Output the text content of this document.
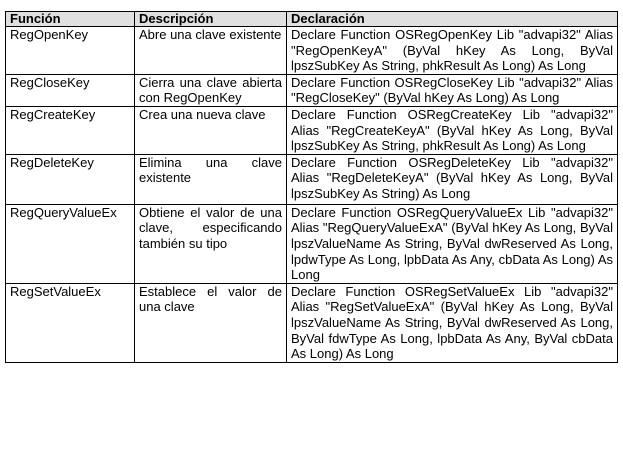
Función	Descripción	Declaración
RegOpenKey	Abre una clave existente	Declare Function OSRegOpenKey Lib "advapi32" Alias "RegOpenKeyA" (ByVal hKey As Long, ByVal lpszSubKey As String, phkResult As Long) As Long
RegCloseKey	Cierra una clave abierta con RegOpenKey	Declare Function OSRegCloseKey Lib "advapi32" Alias "RegCloseKey" (ByVal hKey As Long) As Long
RegCreateKey	Crea una nueva clave	Declare Function OSRegCreateKey Lib "advapi32" Alias "RegCreateKeyA" (ByVal hKey As Long, ByVal lpszSubKey As String, phkResult As Long) As Long
RegDeleteKey	Elimina una clave existente	Declare Function OSRegDeleteKey Lib "advapi32" Alias "RegDeleteKeyA" (ByVal hKey As Long, ByVal lpszSubKey As String) As Long
RegQueryValueEx	Obtiene el valor de una clave, especificando también su tipo	Declare Function OSRegQueryValueEx Lib "advapi32" Alias "RegQueryValueExA" (ByVal hKey As Long, ByVal lpszValueName As String, ByVal dwReserved As Long, lpdwType As Long, lpbData As Any, cbData As Long) As Long
RegSetValueEx	Establece el valor de una clave	Declare Function OSRegSetValueEx Lib "advapi32" Alias "RegSetValueExA" (ByVal hKey As Long, ByVal lpszValueName As String, ByVal dwReserved As Long, ByVal fdwType As Long, lpbData As Any, ByVal cbData As Long) As Long
